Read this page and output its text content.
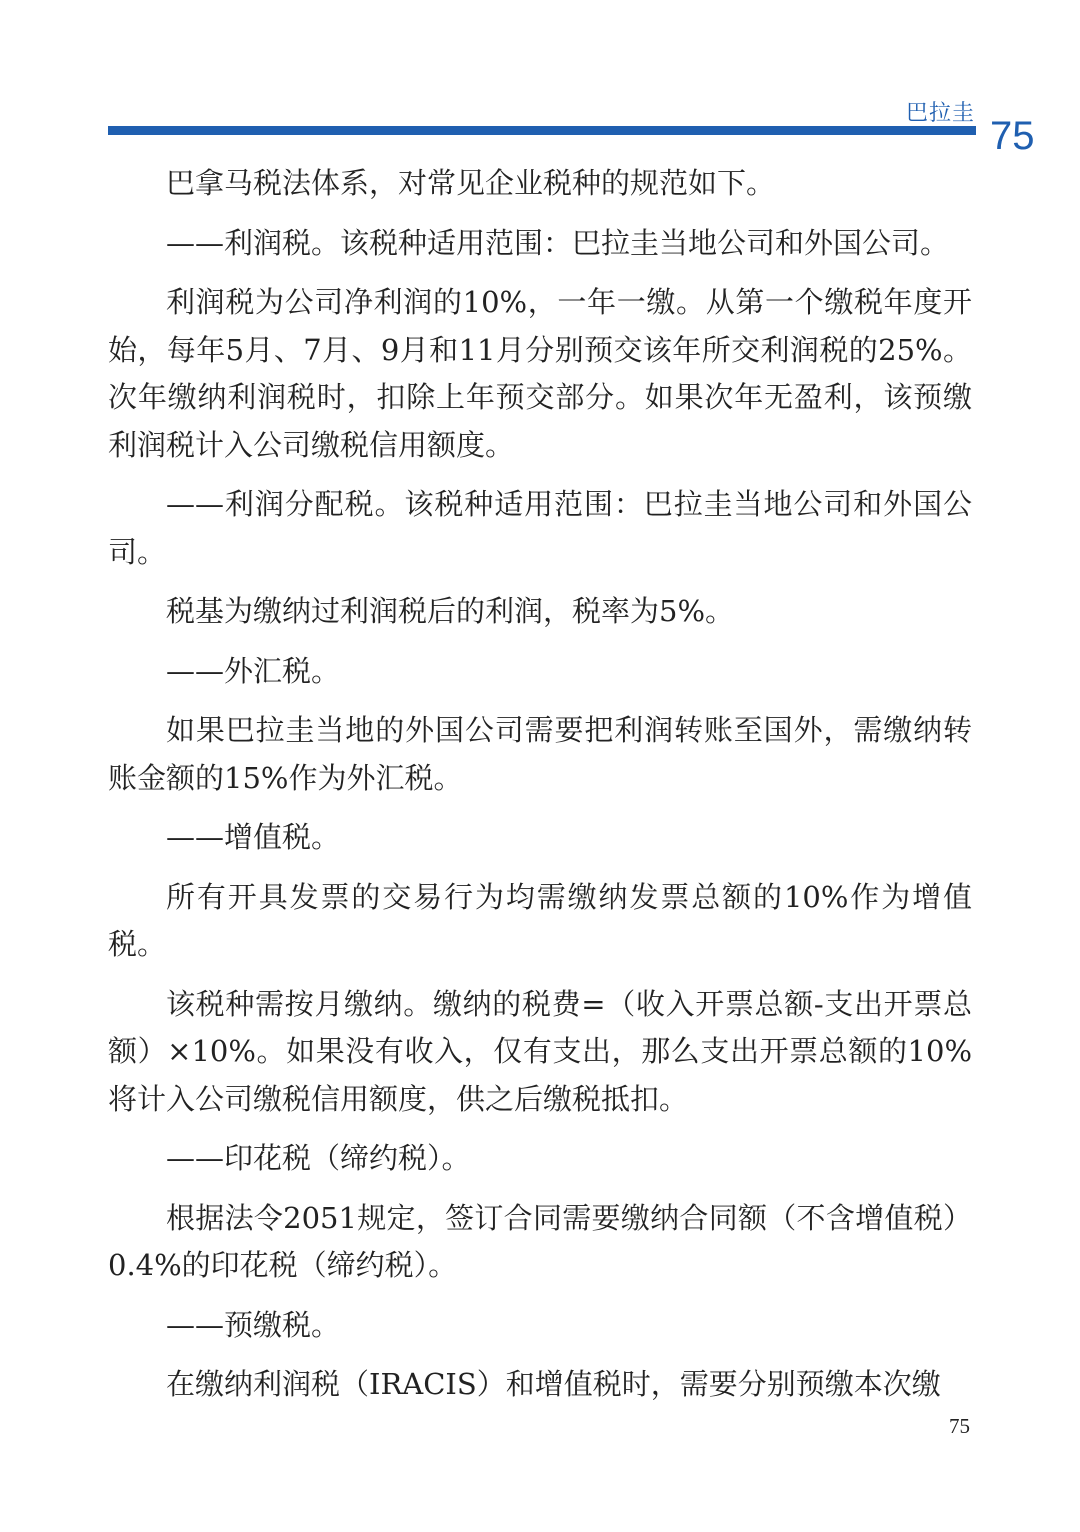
巴拉圭
75

巴拿马税法体系，对常见企业税种的规范如下。

——利润税。该税种适用范围：巴拉圭当地公司和外国公司。

利润税为公司净利润的10%，一年一缴。从第一个缴税年度开始，每年5月、7月、9月和11月分别预交该年所交利润税的25%。次年缴纳利润税时，扣除上年预交部分。如果次年无盈利，该预缴利润税计入公司缴税信用额度。

——利润分配税。该税种适用范围：巴拉圭当地公司和外国公司。

税基为缴纳过利润税后的利润，税率为5%。

——外汇税。

如果巴拉圭当地的外国公司需要把利润转账至国外，需缴纳转账金额的15%作为外汇税。

——增值税。

所有开具发票的交易行为均需缴纳发票总额的10%作为增值税。

该税种需按月缴纳。缴纳的税费=（收入开票总额-支出开票总额）×10%。如果没有收入，仅有支出，那么支出开票总额的10%将计入公司缴税信用额度，供之后缴税抵扣。

——印花税（缔约税）。

根据法令2051规定，签订合同需要缴纳合同额（不含增值税）0.4%的印花税（缔约税）。

——预缴税。

在缴纳利润税（IRACIS）和增值税时，需要分别预缴本次缴

75
